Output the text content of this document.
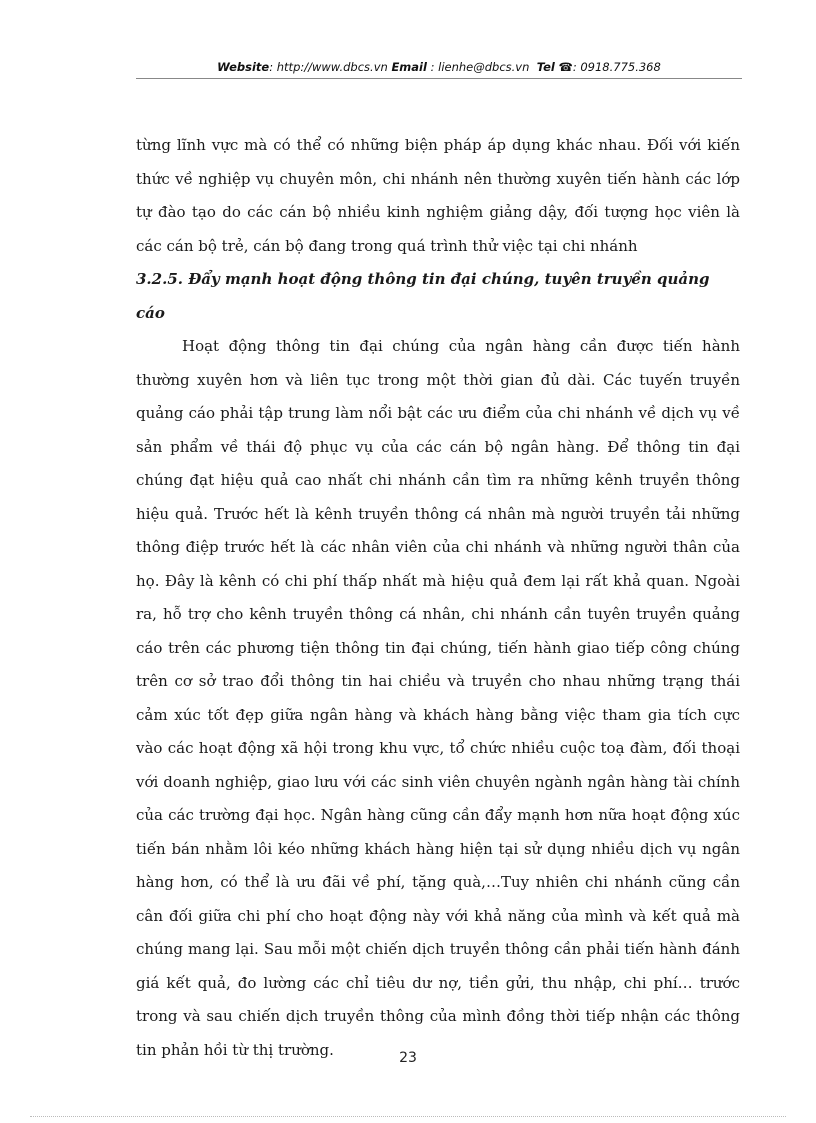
Website: http://www.dbcs.vn Email : lienhe@dbcs.vn Tel ☎: 0918.775.368

từng lĩnh vực mà có thể có những biện pháp áp dụng khác nhau. Đối với kiến thức về nghiệp vụ chuyên môn, chi nhánh nên thường xuyên tiến hành các lớp tự đào tạo do các cán bộ nhiều kinh nghiệm giảng dậy, đối tượng học viên là các cán bộ trẻ, cán bộ đang trong quá trình thử việc tại chi nhánh

3.2.5. Đẩy mạnh hoạt động thông tin đại chúng, tuyên truyền quảng cáo

Hoạt động thông tin đại chúng của ngân hàng cần được tiến hành thường xuyên hơn và liên tục trong một thời gian đủ dài. Các tuyến truyền quảng cáo phải tập trung làm nổi bật các ưu điểm của chi nhánh về dịch vụ về sản phẩm về thái độ phục vụ của các cán bộ ngân hàng. Để thông tin đại chúng đạt hiệu quả cao nhất chi nhánh cần tìm ra những kênh truyền thông hiệu quả. Trước hết là kênh truyền thông cá nhân mà người truyền tải những thông điệp trước hết là các nhân viên của chi nhánh và những người thân của họ. Đây là kênh có chi phí thấp nhất mà hiệu quả đem lại rất khả quan. Ngoài ra, hỗ trợ cho kênh truyền thông cá nhân, chi nhánh cần tuyên truyền quảng cáo trên các phương tiện thông tin đại chúng, tiến hành giao tiếp công chúng trên cơ sở trao đổi thông tin hai chiều và truyền cho nhau những trạng thái cảm xúc tốt đẹp giữa ngân hàng và khách hàng bằng việc tham gia tích cực vào các hoạt động xã hội trong khu vực, tổ chức nhiều cuộc toạ đàm, đối thoại với doanh nghiệp, giao lưu với các sinh viên chuyên ngành ngân hàng tài chính của các trường đại học. Ngân hàng cũng cần đẩy mạnh hơn nữa hoạt động xúc tiến bán nhằm lôi kéo những khách hàng hiện tại sử dụng nhiều dịch vụ ngân hàng hơn, có thể là ưu đãi về phí, tặng quà,…Tuy nhiên chi nhánh cũng cần cân đối giữa chi phí cho hoạt động này với khả năng của mình và kết quả mà chúng mang lại. Sau mỗi một chiến dịch truyền thông cần phải tiến hành đánh giá kết quả, đo lường các chỉ tiêu dư nợ, tiền gửi, thu nhập, chi phí… trước trong và sau chiến dịch truyền thông của mình đồng thời tiếp nhận các thông tin phản hồi từ thị trường.	23
